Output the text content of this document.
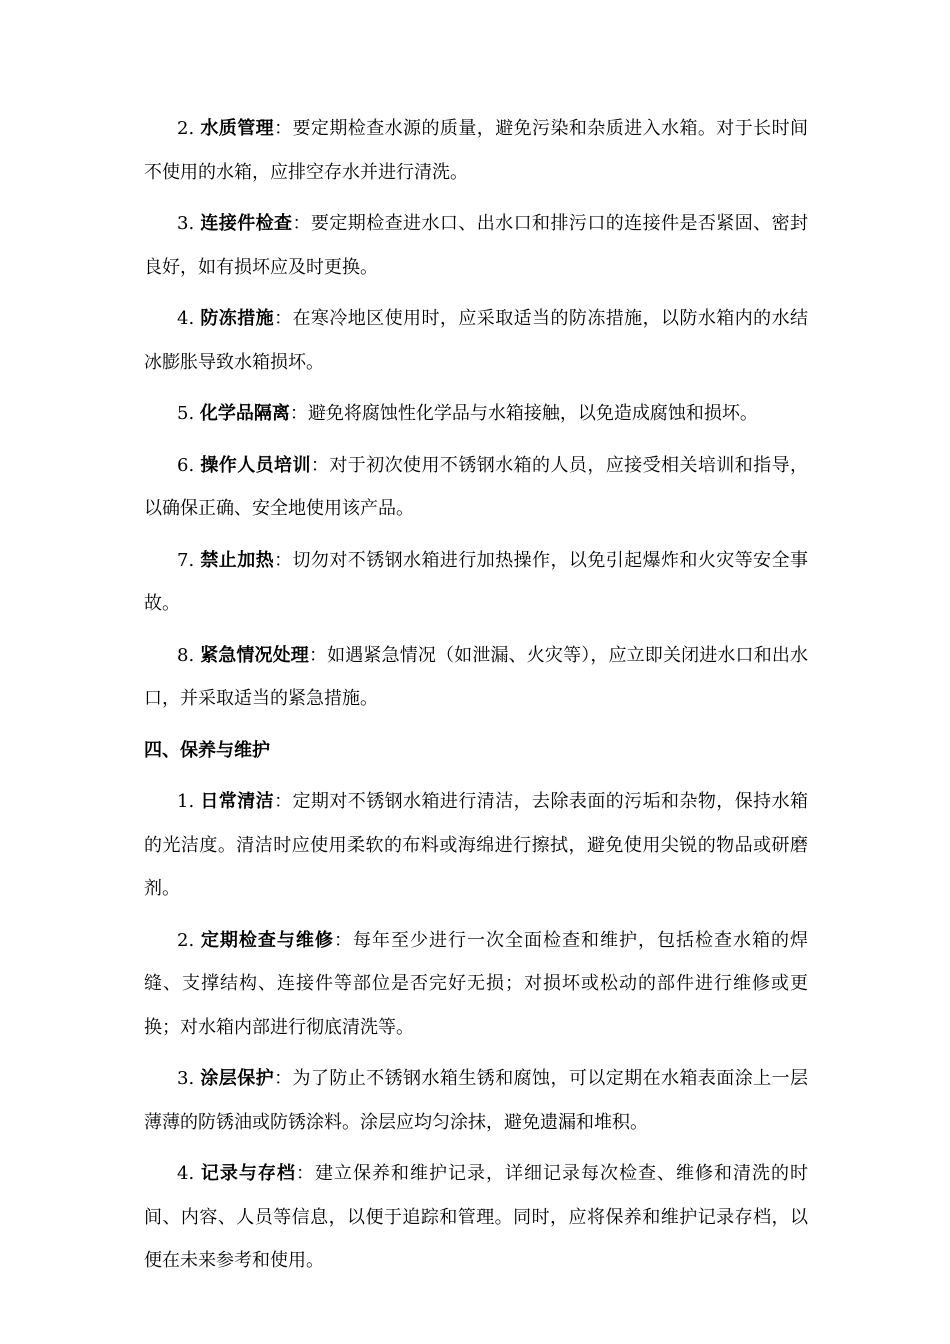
2. 水质管理：要定期检查水源的质量，避免污染和杂质进入水箱。对于长时间不使用的水箱，应排空存水并进行清洗。

3. 连接件检查：要定期检查进水口、出水口和排污口的连接件是否紧固、密封良好，如有损坏应及时更换。

4. 防冻措施：在寒冷地区使用时，应采取适当的防冻措施，以防水箱内的水结冰膨胀导致水箱损坏。

5. 化学品隔离：避免将腐蚀性化学品与水箱接触，以免造成腐蚀和损坏。

6. 操作人员培训：对于初次使用不锈钢水箱的人员，应接受相关培训和指导，以确保正确、安全地使用该产品。

7. 禁止加热：切勿对不锈钢水箱进行加热操作，以免引起爆炸和火灾等安全事故。

8. 紧急情况处理：如遇紧急情况（如泄漏、火灾等），应立即关闭进水口和出水口，并采取适当的紧急措施。

四、保养与维护

1. 日常清洁：定期对不锈钢水箱进行清洁，去除表面的污垢和杂物，保持水箱的光洁度。清洁时应使用柔软的布料或海绵进行擦拭，避免使用尖锐的物品或研磨剂。

2. 定期检查与维修：每年至少进行一次全面检查和维护，包括检查水箱的焊缝、支撑结构、连接件等部位是否完好无损；对损坏或松动的部件进行维修或更换；对水箱内部进行彻底清洗等。

3. 涂层保护：为了防止不锈钢水箱生锈和腐蚀，可以定期在水箱表面涂上一层薄薄的防锈油或防锈涂料。涂层应均匀涂抹，避免遗漏和堆积。

4. 记录与存档：建立保养和维护记录，详细记录每次检查、维修和清洗的时间、内容、人员等信息，以便于追踪和管理。同时，应将保养和维护记录存档，以便在未来参考和使用。
